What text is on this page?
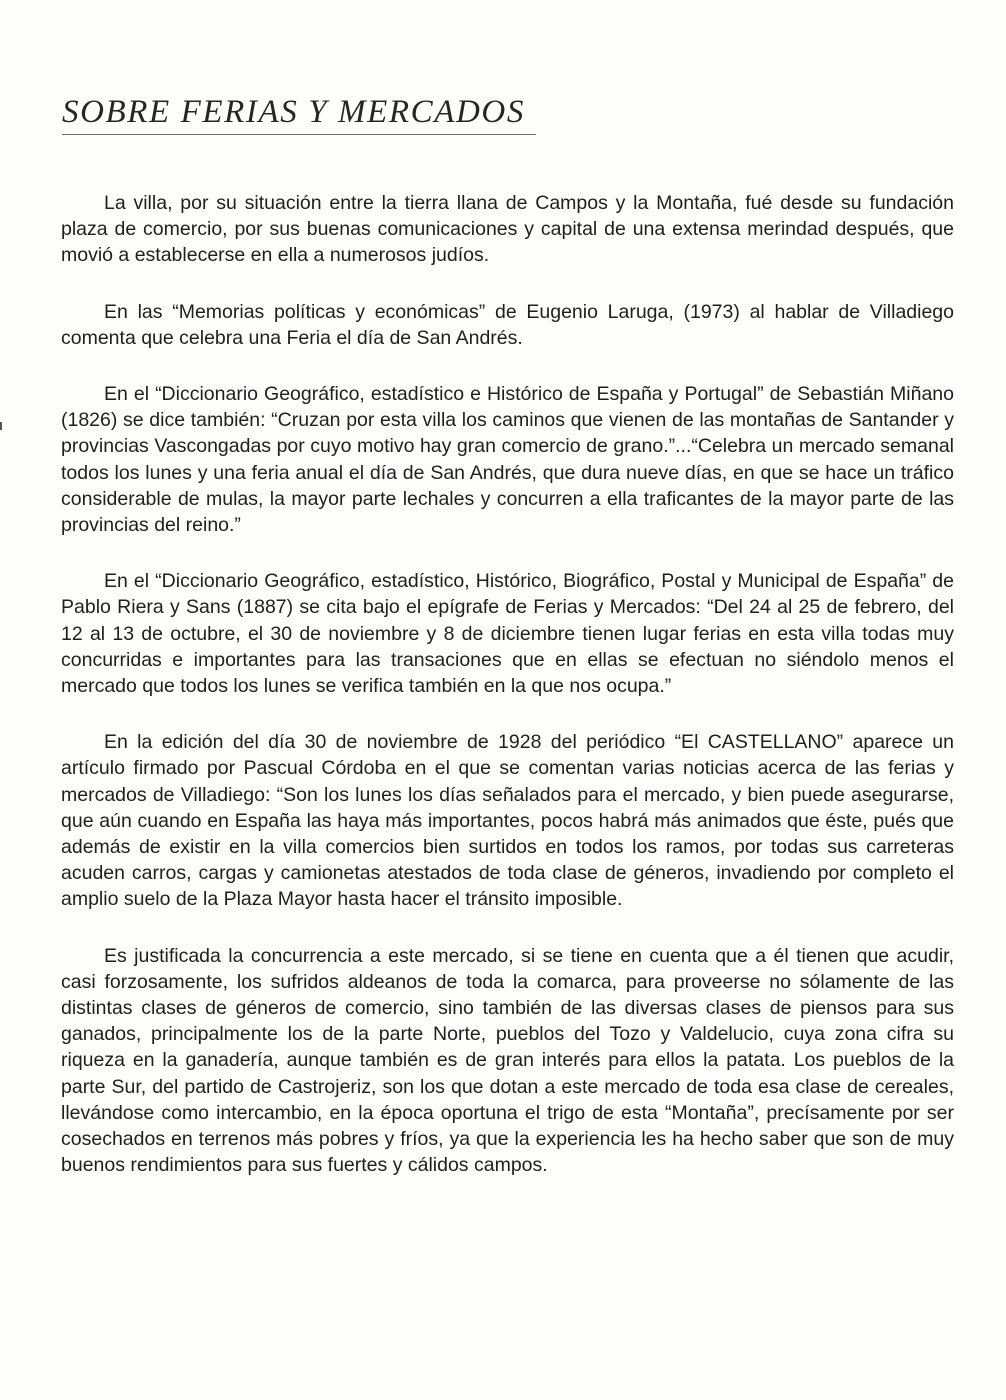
SOBRE FERIAS Y MERCADOS

La villa, por su situación entre la tierra llana de Campos y la Montaña, fué desde su fundación plaza de comercio, por sus buenas comunicaciones y capital de una extensa merindad después, que movió a establecerse en ella a numerosos judíos.

En las “Memorias políticas y económicas” de Eugenio Laruga, (1973) al hablar de Villadiego comenta que celebra una Feria el día de San Andrés.

En el “Diccionario Geográfico, estadístico e Histórico de España y Portugal” de Sebastián Miñano (1826) se dice también: “Cruzan por esta villa los caminos que vienen de las montañas de Santander y provincias Vascongadas por cuyo motivo hay gran comercio de grano.”...“Celebra un mercado semanal todos los lunes y una feria anual el día de San Andrés, que dura nueve días, en que se hace un tráfico considerable de mulas, la mayor parte lechales y concurren a ella traficantes de la mayor parte de las provincias del reino.”

En el “Diccionario Geográfico, estadístico, Histórico, Biográfico, Postal y Municipal de España” de Pablo Riera y Sans (1887) se cita bajo el epígrafe de Ferias y Mercados: “Del 24 al 25 de febrero, del 12 al 13 de octubre, el 30 de noviembre y 8 de diciembre tienen lugar ferias en esta villa todas muy concurridas e importantes para las transaciones que en ellas se efectuan no siéndolo menos el mercado que todos los lunes se verifica también en la que nos ocupa.”

En la edición del día 30 de noviembre de 1928 del periódico “El CASTELLANO” aparece un artículo firmado por Pascual Córdoba en el que se comentan varias noticias acerca de las ferias y mercados de Villadiego: “Son los lunes los días señalados para el mercado, y bien puede asegurarse, que aún cuando en España las haya más importantes, pocos habrá más animados que éste, pués que además de existir en la villa comercios bien surtidos en todos los ramos, por todas sus carreteras acuden carros, cargas y camionetas atestados de toda clase de géneros, invadiendo por completo el amplio suelo de la Plaza Mayor hasta hacer el tránsito imposible.

Es justificada la concurrencia a este mercado, si se tiene en cuenta que a él tienen que acudir, casi forzosamente, los sufridos aldeanos de toda la comarca, para proveerse no sólamente de las distintas clases de géneros de comercio, sino también de las diversas clases de piensos para sus ganados, principalmente los de la parte Norte, pueblos del Tozo y Valdelucio, cuya zona cifra su riqueza en la ganadería, aunque también es de gran interés para ellos la patata. Los pueblos de la parte Sur, del partido de Castrojeriz, son los que dotan a este mercado de toda esa clase de cereales, llevándose como intercambio, en la época oportuna el trigo de esta “Montaña”, precísamente por ser cosechados en terrenos más pobres y fríos, ya que la experiencia les ha hecho saber que son de muy buenos rendimientos para sus fuertes y cálidos campos.
